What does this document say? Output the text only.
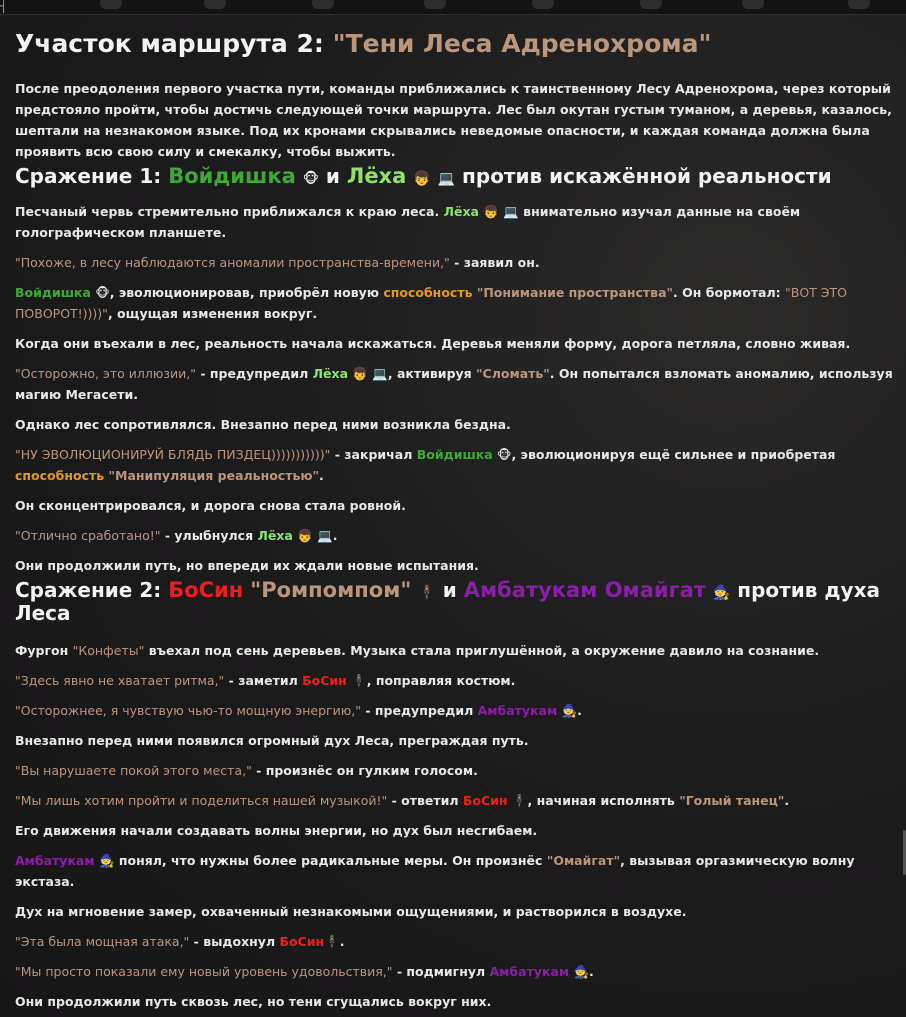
┤
Участок маршрута 2: "Тени Леса Адренохрома"

После преодоления первого участка пути, команды приближались к таинственному Лесу Адренохрома, через который предстояло пройти, чтобы достичь следующей точки маршрута. Лес был окутан густым туманом, а деревья, казалось, шептали на незнакомом языке. Под их кронами скрывались неведомые опасности, и каждая команда должна была проявить всю свою силу и смекалку, чтобы выжить.

Сражение 1: Войдишка 🐵 и Лёха 👦 💻 против искажённой реальности

Песчаный червь стремительно приближался к краю леса. Лёха 👦 💻 внимательно изучал данные на своём голографическом планшете.

"Похоже, в лесу наблюдаются аномалии пространства-времени," - заявил он.

Войдишка 🐵, эволюционировав, приобрёл новую способность "Понимание пространства". Он бормотал: "ВОТ ЭТО ПОВОРОТ!))))", ощущая изменения вокруг.

Когда они въехали в лес, реальность начала искажаться. Деревья меняли форму, дорога петляла, словно живая.

"Осторожно, это иллюзии," - предупредил Лёха 👦 💻, активируя "Сломать". Он попытался взломать аномалию, используя магию Мегасети.

Однако лес сопротивлялся. Внезапно перед ними возникла бездна.

"НУ ЭВОЛЮЦИОНИРУЙ БЛЯДЬ ПИЗДЕЦ)))))))))))" - закричал Войдишка 🐵, эволюционируя ещё сильнее и приобретая способность "Манипуляция реальностью".

Он сконцентрировался, и дорога снова стала ровной.

"Отлично сработано!" - улыбнулся Лёха 👦 💻.

Они продолжили путь, но впереди их ждали новые испытания.

Сражение 2: БоСин "Ромпомпом" 🕴 и Амбатукам Омайгат 🧙 против духа Леса

Фургон "Конфеты" въехал под сень деревьев. Музыка стала приглушённой, а окружение давило на сознание.

"Здесь явно не хватает ритма," - заметил БоСин 🕴, поправляя костюм.

"Осторожнее, я чувствую чью-то мощную энергию," - предупредил Амбатукам 🧙.

Внезапно перед ними появился огромный дух Леса, преграждая путь.

"Вы нарушаете покой этого места," - произнёс он гулким голосом.

"Мы лишь хотим пройти и поделиться нашей музыкой!" - ответил БоСин 🕴, начиная исполнять "Голый танец".

Его движения начали создавать волны энергии, но дух был несгибаем.

Амбатукам 🧙 понял, что нужны более радикальные меры. Он произнёс "Омайгат", вызывая оргазмическую волну экстаза.

Дух на мгновение замер, охваченный незнакомыми ощущениями, и растворился в воздухе.

"Эта была мощная атака," - выдохнул БоСин🕴.

"Мы просто показали ему новый уровень удовольствия," - подмигнул Амбатукам 🧙.

Они продолжили путь сквозь лес, но тени сгущались вокруг них.
